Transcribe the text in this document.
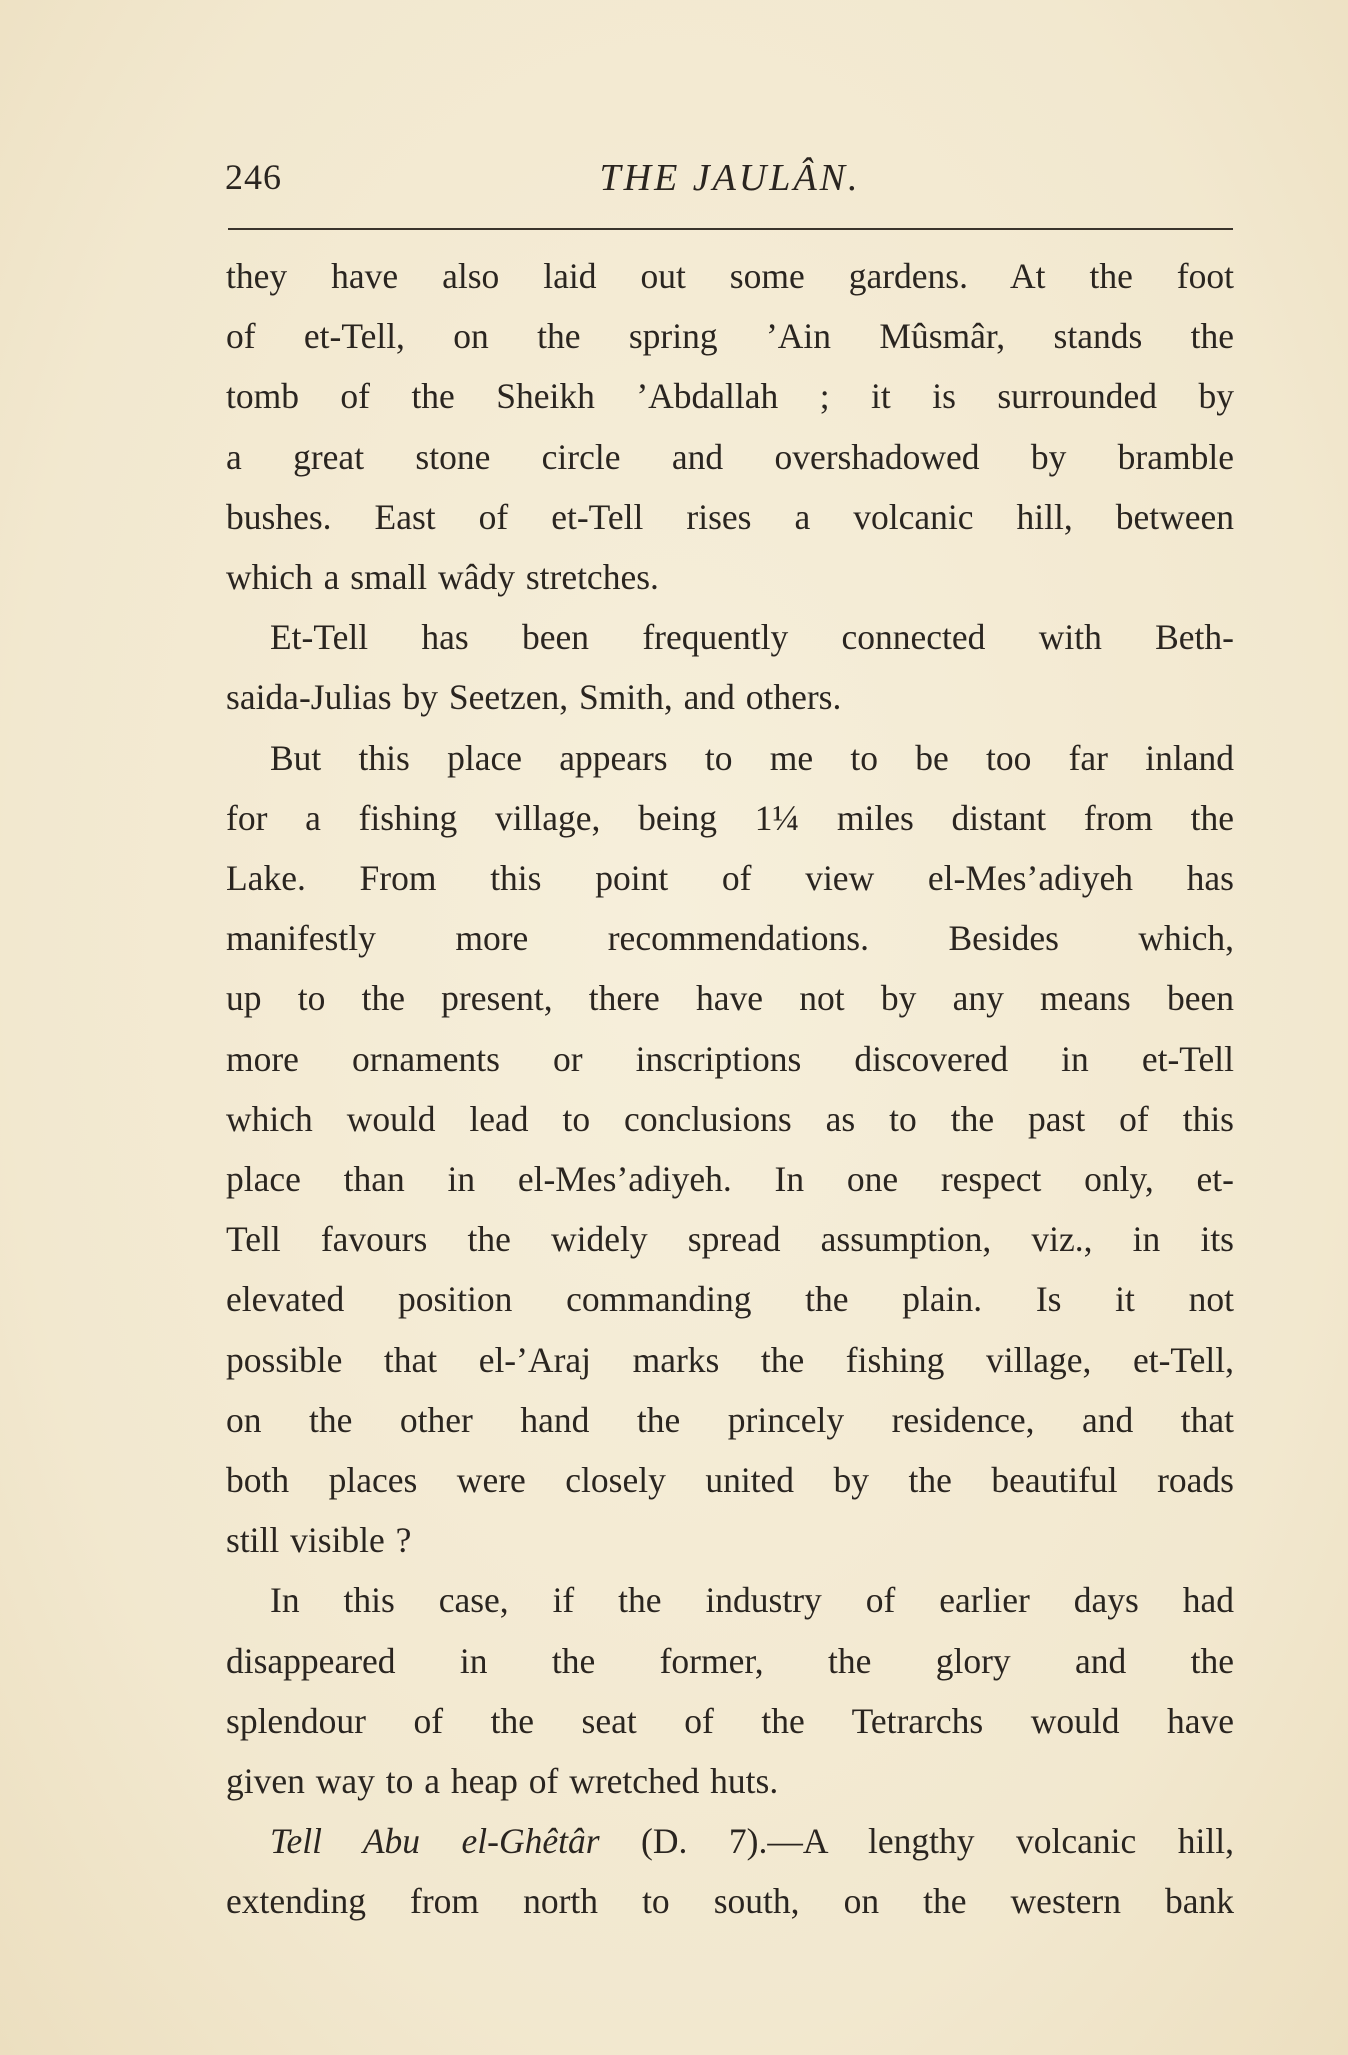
246	THE JAULÂN.
they have also laid out some gardens. At the foot
of et-Tell, on the spring ’Ain Mûsmâr, stands the
tomb of the Sheikh ’Abdallah ; it is surrounded by
a great stone circle and overshadowed by bramble
bushes. East of et-Tell rises a volcanic hill, between
which a small wâdy stretches.
Et-Tell has been frequently connected with Beth-
saida-Julias by Seetzen, Smith, and others.
But this place appears to me to be too far inland
for a fishing village, being 1¼ miles distant from the
Lake. From this point of view el-Mes’adiyeh has
manifestly more recommendations. Besides which,
up to the present, there have not by any means been
more ornaments or inscriptions discovered in et-Tell
which would lead to conclusions as to the past of this
place than in el-Mes’adiyeh. In one respect only, et-
Tell favours the widely spread assumption, viz., in its
elevated position commanding the plain. Is it not
possible that el-’Araj marks the fishing village, et-Tell,
on the other hand the princely residence, and that
both places were closely united by the beautiful roads
still visible ?
In this case, if the industry of earlier days had
disappeared in the former, the glory and the
splendour of the seat of the Tetrarchs would have
given way to a heap of wretched huts.
Tell Abu el-Ghêtâr (D. 7).—A lengthy volcanic hill,
extending from north to south, on the western bank
